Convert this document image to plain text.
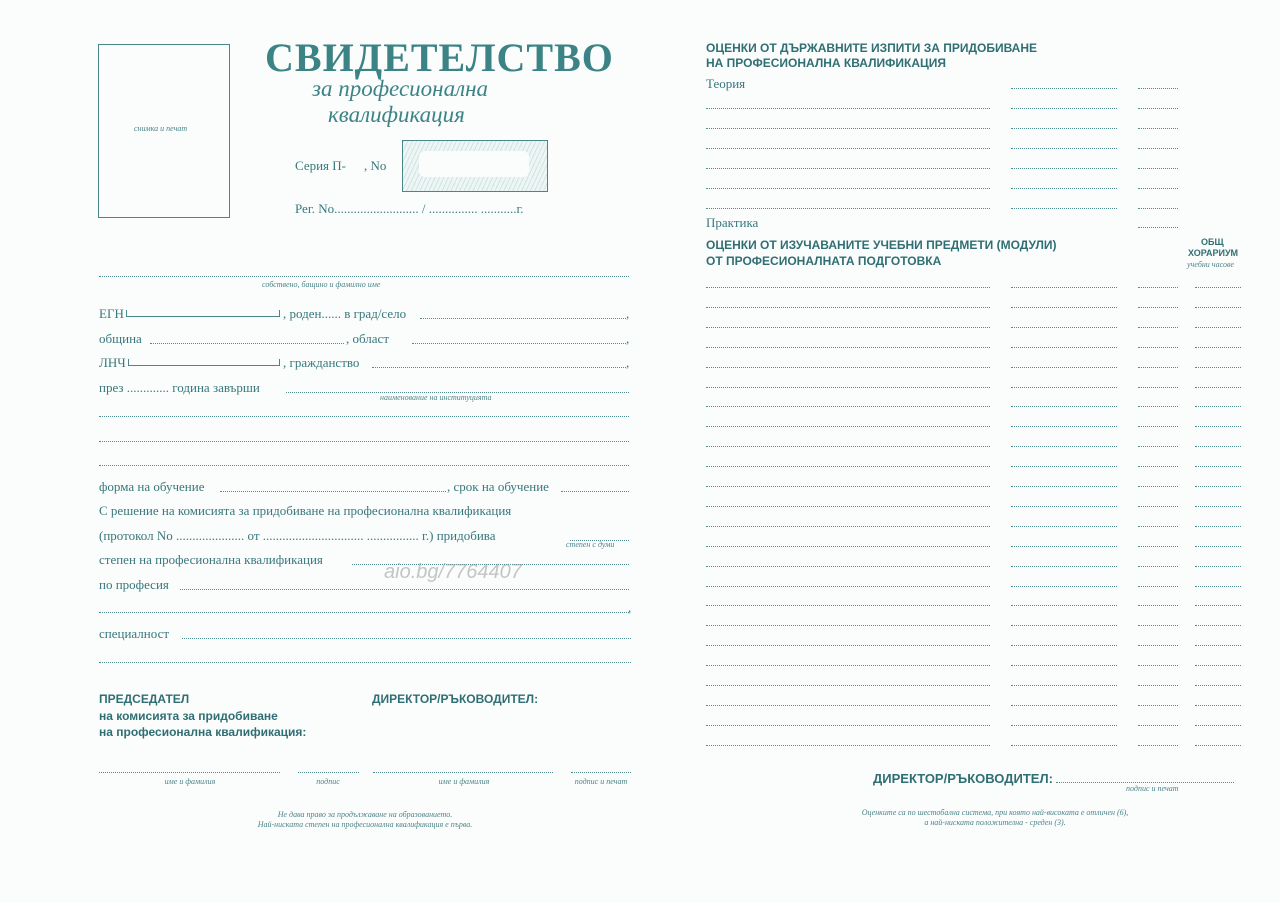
снимка и печат
СВИДЕТЕЛСТВО
за професионална
квалификация
Серия П- , No
Рег. No.......................... / ............... ...........г.
собствено, бащино и фамилно име
ЕГН	, роден...... в град/село	,
община	, област	,
ЛНЧ	, гражданство	,
през ............. година завърши
наименование на институцията
форма на обучение	, срок на обучение
С решение на комисията за придобиване на професионална квалификация
(протокол No ..................... от ............................... ................ г.) придобива
степен с думи
степен на професионална квалификация
по професия
,
специалност
ПРЕДСЕДАТЕЛ
на комисията за придобиване
на професионална квалификация:
ДИРЕКТОР/РЪКОВОДИТЕЛ:
име и фамилия	подпис	име и фамилия	подпис и печат
Не дава право за продължаване на образованието.
Най-ниската степен на професионална квалификация е първа.
aio.bg/7764407
ОЦЕНКИ ОТ ДЪРЖАВНИТЕ ИЗПИТИ ЗА ПРИДОБИВАНЕ
НА ПРОФЕСИОНАЛНА КВАЛИФИКАЦИЯ
Теория
Практика
ОЦЕНКИ ОТ ИЗУЧАВАНИТЕ УЧЕБНИ ПРЕДМЕТИ (МОДУЛИ)
ОТ ПРОФЕСИОНАЛНАТА ПОДГОТОВКА
ОБЩ
ХОРАРИУМ
учебни часове
ДИРЕКТОР/РЪКОВОДИТЕЛ:
подпис и печат
Оценките са по шестобална система, при която най-високата е отличен (6),
а най-ниската положителна - среден (3).
